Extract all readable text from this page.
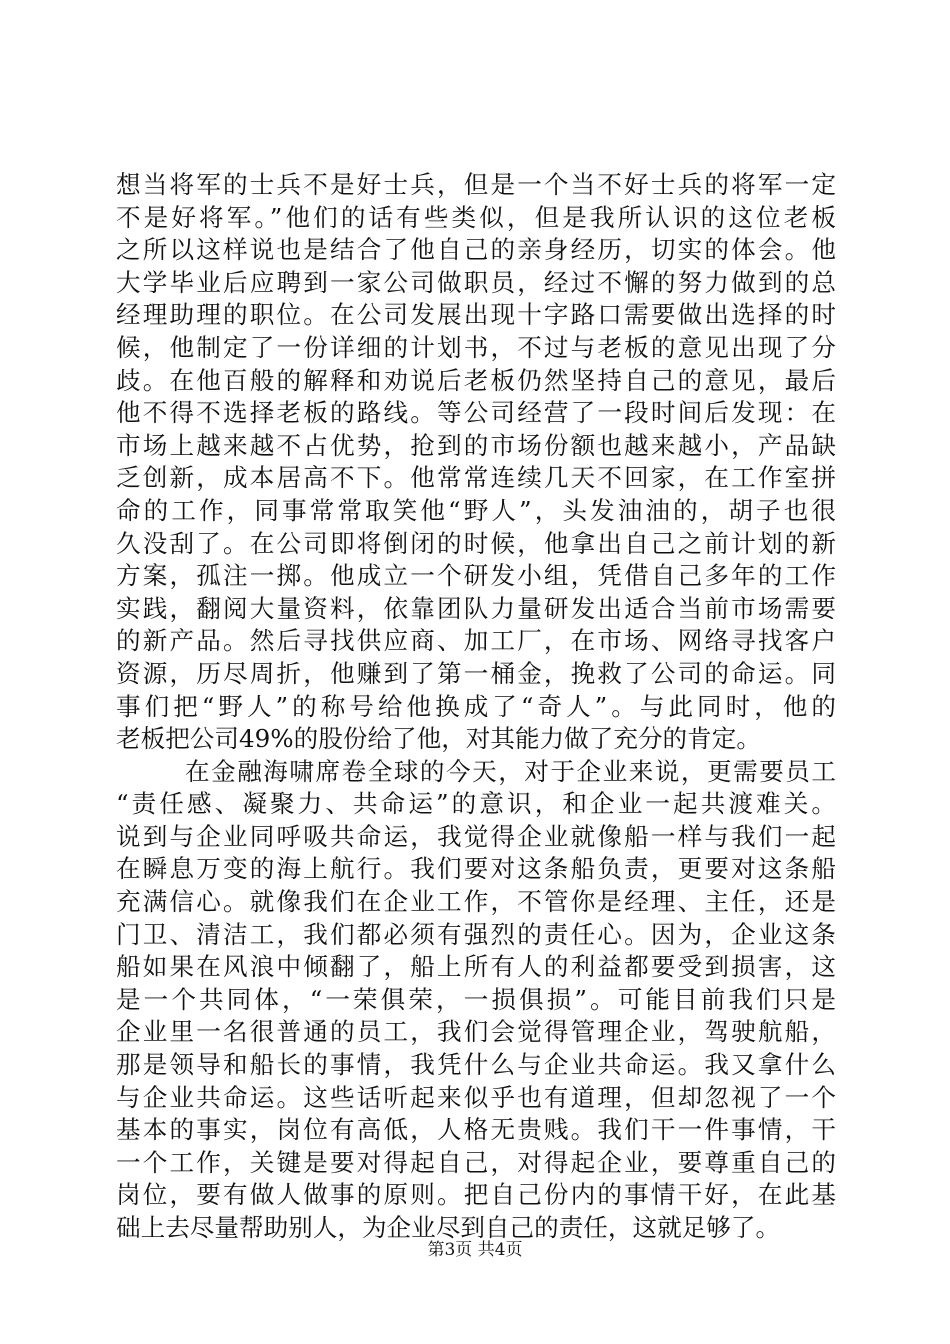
想当将军的士兵不是好士兵，但是一个当不好士兵的将军一定
不是好将军。”他们的话有些类似，但是我所认识的这位老板
之所以这样说也是结合了他自己的亲身经历，切实的体会。他
大学毕业后应聘到一家公司做职员，经过不懈的努力做到的总
经理助理的职位。在公司发展出现十字路口需要做出选择的时
候，他制定了一份详细的计划书，不过与老板的意见出现了分
歧。在他百般的解释和劝说后老板仍然坚持自己的意见，最后
他不得不选择老板的路线。等公司经营了一段时间后发现：在
市场上越来越不占优势，抢到的市场份额也越来越小，产品缺
乏创新，成本居高不下。他常常连续几天不回家，在工作室拼
命的工作，同事常常取笑他“野人”，头发油油的，胡子也很
久没刮了。在公司即将倒闭的时候，他拿出自己之前计划的新
方案，孤注一掷。他成立一个研发小组，凭借自己多年的工作
实践，翻阅大量资料，依靠团队力量研发出适合当前市场需要
的新产品。然后寻找供应商、加工厂，在市场、网络寻找客户
资源，历尽周折，他赚到了第一桶金，挽救了公司的命运。同
事们把“野人”的称号给他换成了“奇人”。与此同时，他的
老板把公司49%的股份给了他，对其能力做了充分的肯定。
在金融海啸席卷全球的今天，对于企业来说，更需要员工
“责任感、凝聚力、共命运”的意识，和企业一起共渡难关。
说到与企业同呼吸共命运，我觉得企业就像船一样与我们一起
在瞬息万变的海上航行。我们要对这条船负责，更要对这条船
充满信心。就像我们在企业工作，不管你是经理、主任，还是
门卫、清洁工，我们都必须有强烈的责任心。因为，企业这条
船如果在风浪中倾翻了，船上所有人的利益都要受到损害，这
是一个共同体，“一荣俱荣，一损俱损”。可能目前我们只是
企业里一名很普通的员工，我们会觉得管理企业，驾驶航船，
那是领导和船长的事情，我凭什么与企业共命运。我又拿什么
与企业共命运。这些话听起来似乎也有道理，但却忽视了一个
基本的事实，岗位有高低，人格无贵贱。我们干一件事情，干
一个工作，关键是要对得起自己，对得起企业，要尊重自己的
岗位，要有做人做事的原则。把自己份内的事情干好，在此基
础上去尽量帮助别人，为企业尽到自己的责任，这就足够了。
第3页 共4页
